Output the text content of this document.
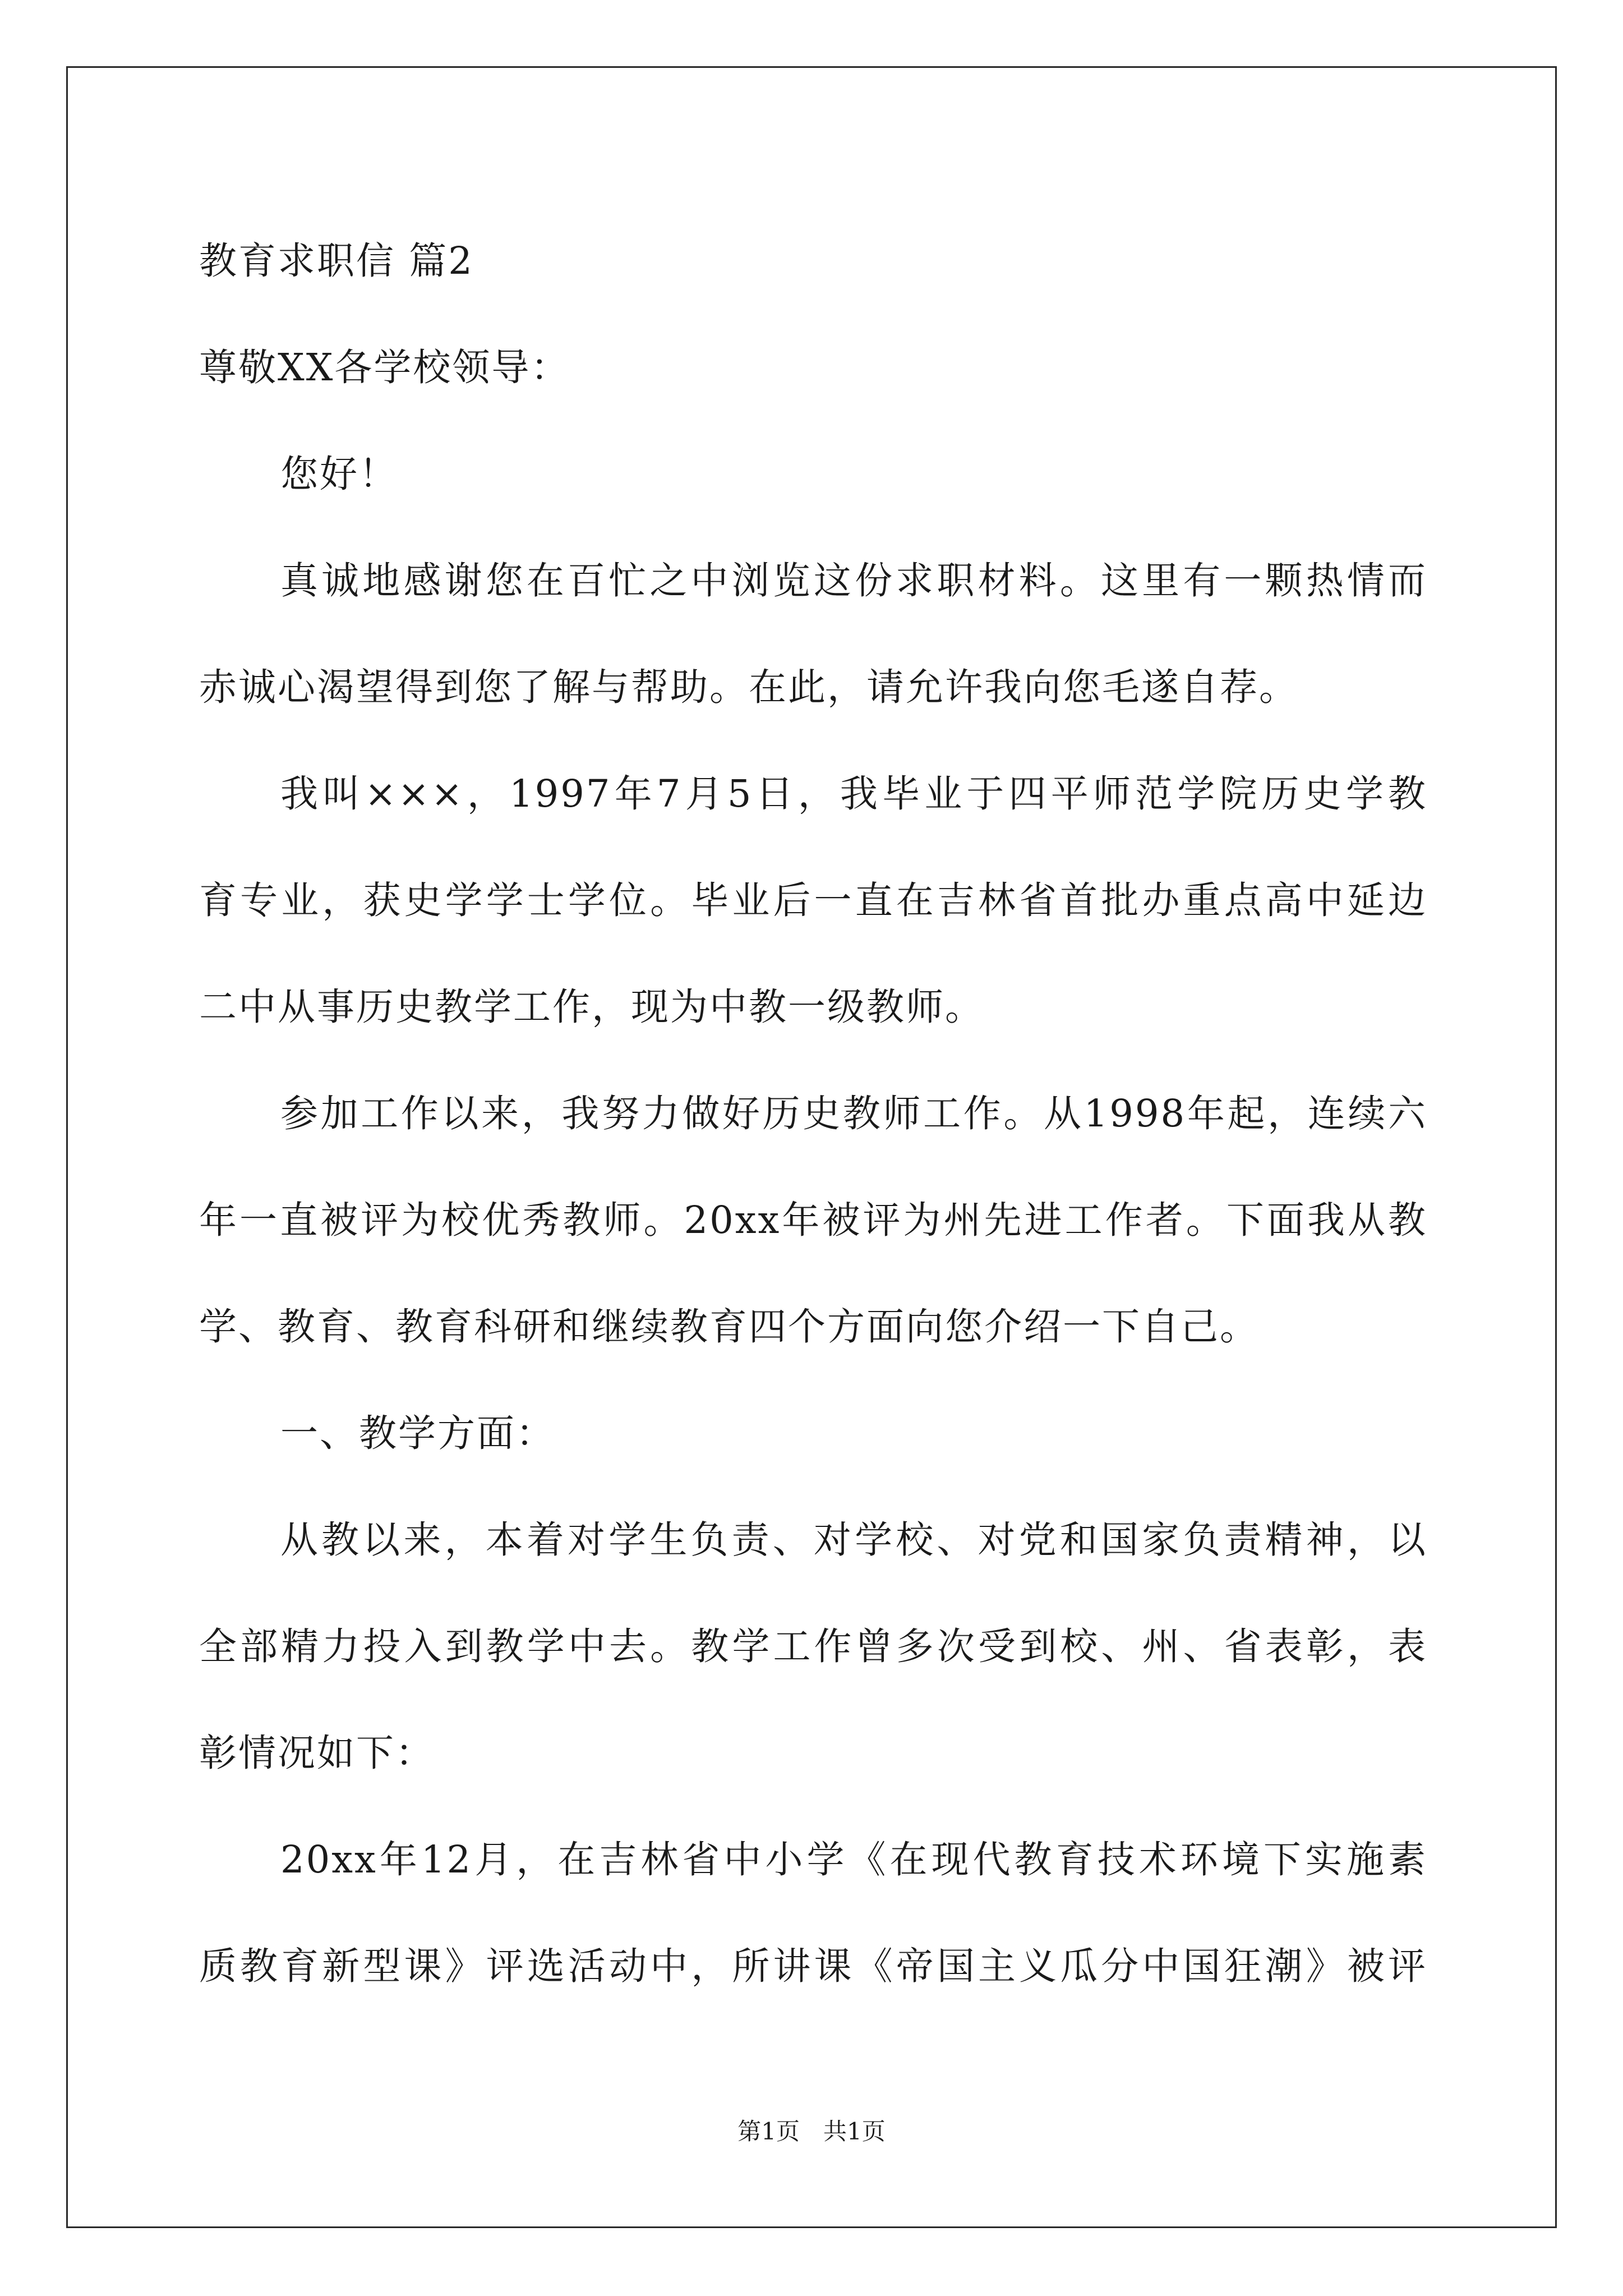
教育求职信 篇2
尊敬XX各学校领导：
您好！
真诚地感谢您在百忙之中浏览这份求职材料。这里有一颗热情而
赤诚心渴望得到您了解与帮助。在此，请允许我向您毛遂自荐。
我叫×××，1997年7月5日，我毕业于四平师范学院历史学教
育专业，获史学学士学位。毕业后一直在吉林省首批办重点高中延边
二中从事历史教学工作，现为中教一级教师。
参加工作以来，我努力做好历史教师工作。从1998年起，连续六
年一直被评为校优秀教师。20xx年被评为州先进工作者。下面我从教
学、教育、教育科研和继续教育四个方面向您介绍一下自己。
一、教学方面：
从教以来，本着对学生负责、对学校、对党和国家负责精神，以
全部精力投入到教学中去。教学工作曾多次受到校、州、省表彰，表
彰情况如下：
20xx年12月，在吉林省中小学《在现代教育技术环境下实施素
质教育新型课》评选活动中，所讲课《帝国主义瓜分中国狂潮》被评
第1页　共1页
